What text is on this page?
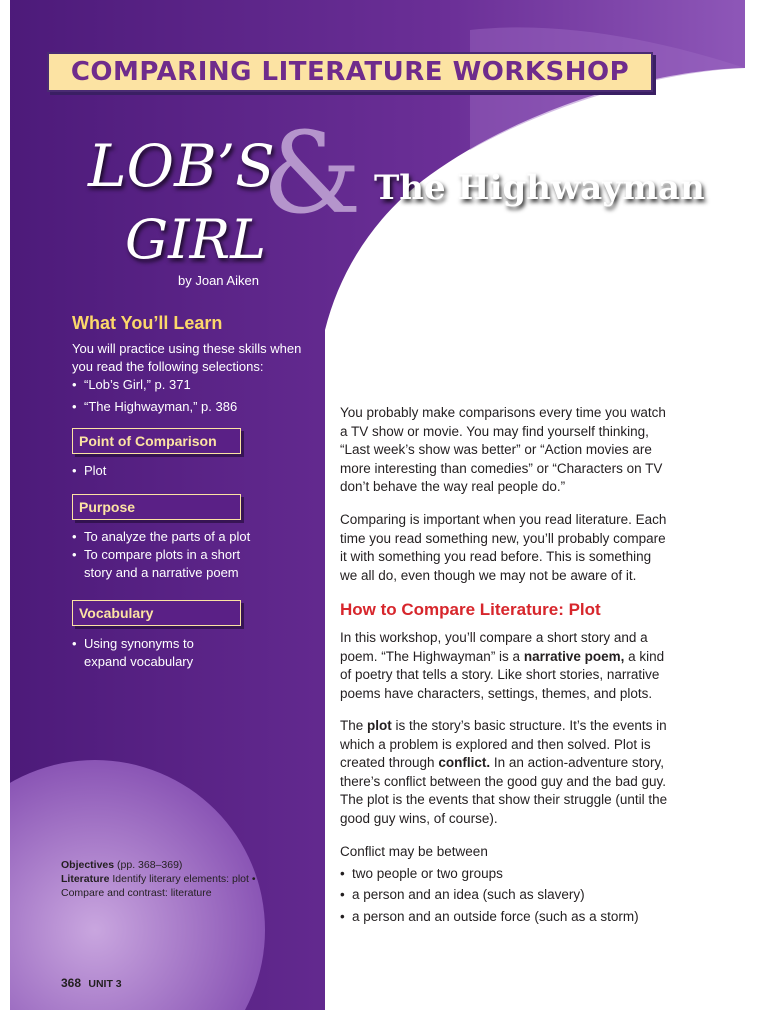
COMPARING LITERATURE WORKSHOP
LOB’S
GIRL
by Joan Aiken
& The Highwayman
by Alfred Noyes
What You’ll Learn
You will practice using these skills when you read the following selections:
• “Lob’s Girl,” p. 371
• “The Highwayman,” p. 386
Point of Comparison
• Plot
Purpose
• To analyze the parts of a plot
• To compare plots in a short story and a narrative poem
Vocabulary
• Using synonyms to expand vocabulary

You probably make comparisons every time you watch a TV show or movie. You may find yourself thinking, “Last week’s show was better” or “Action movies are more interesting than comedies” or “Characters on TV don’t behave the way real people do.”

Comparing is important when you read literature. Each time you read something new, you’ll probably compare it with something you read before. This is something we all do, even though we may not be aware of it.

How to Compare Literature: Plot

In this workshop, you’ll compare a short story and a poem. “The Highwayman” is a narrative poem, a kind of poetry that tells a story. Like short stories, narrative poems have characters, settings, themes, and plots.

The plot is the story’s basic structure. It’s the events in which a problem is explored and then solved. Plot is created through conflict. In an action-adventure story, there’s conflict between the good guy and the bad guy. The plot is the events that show their struggle (until the good guy wins, of course).

Conflict may be between

• two people or two groups
• a person and an idea (such as slavery)
• a person and an outside force (such as a storm)
Objectives (pp. 368–369)
Literature Identify literary elements: plot • Compare and contrast: literature
368 UNIT 3
